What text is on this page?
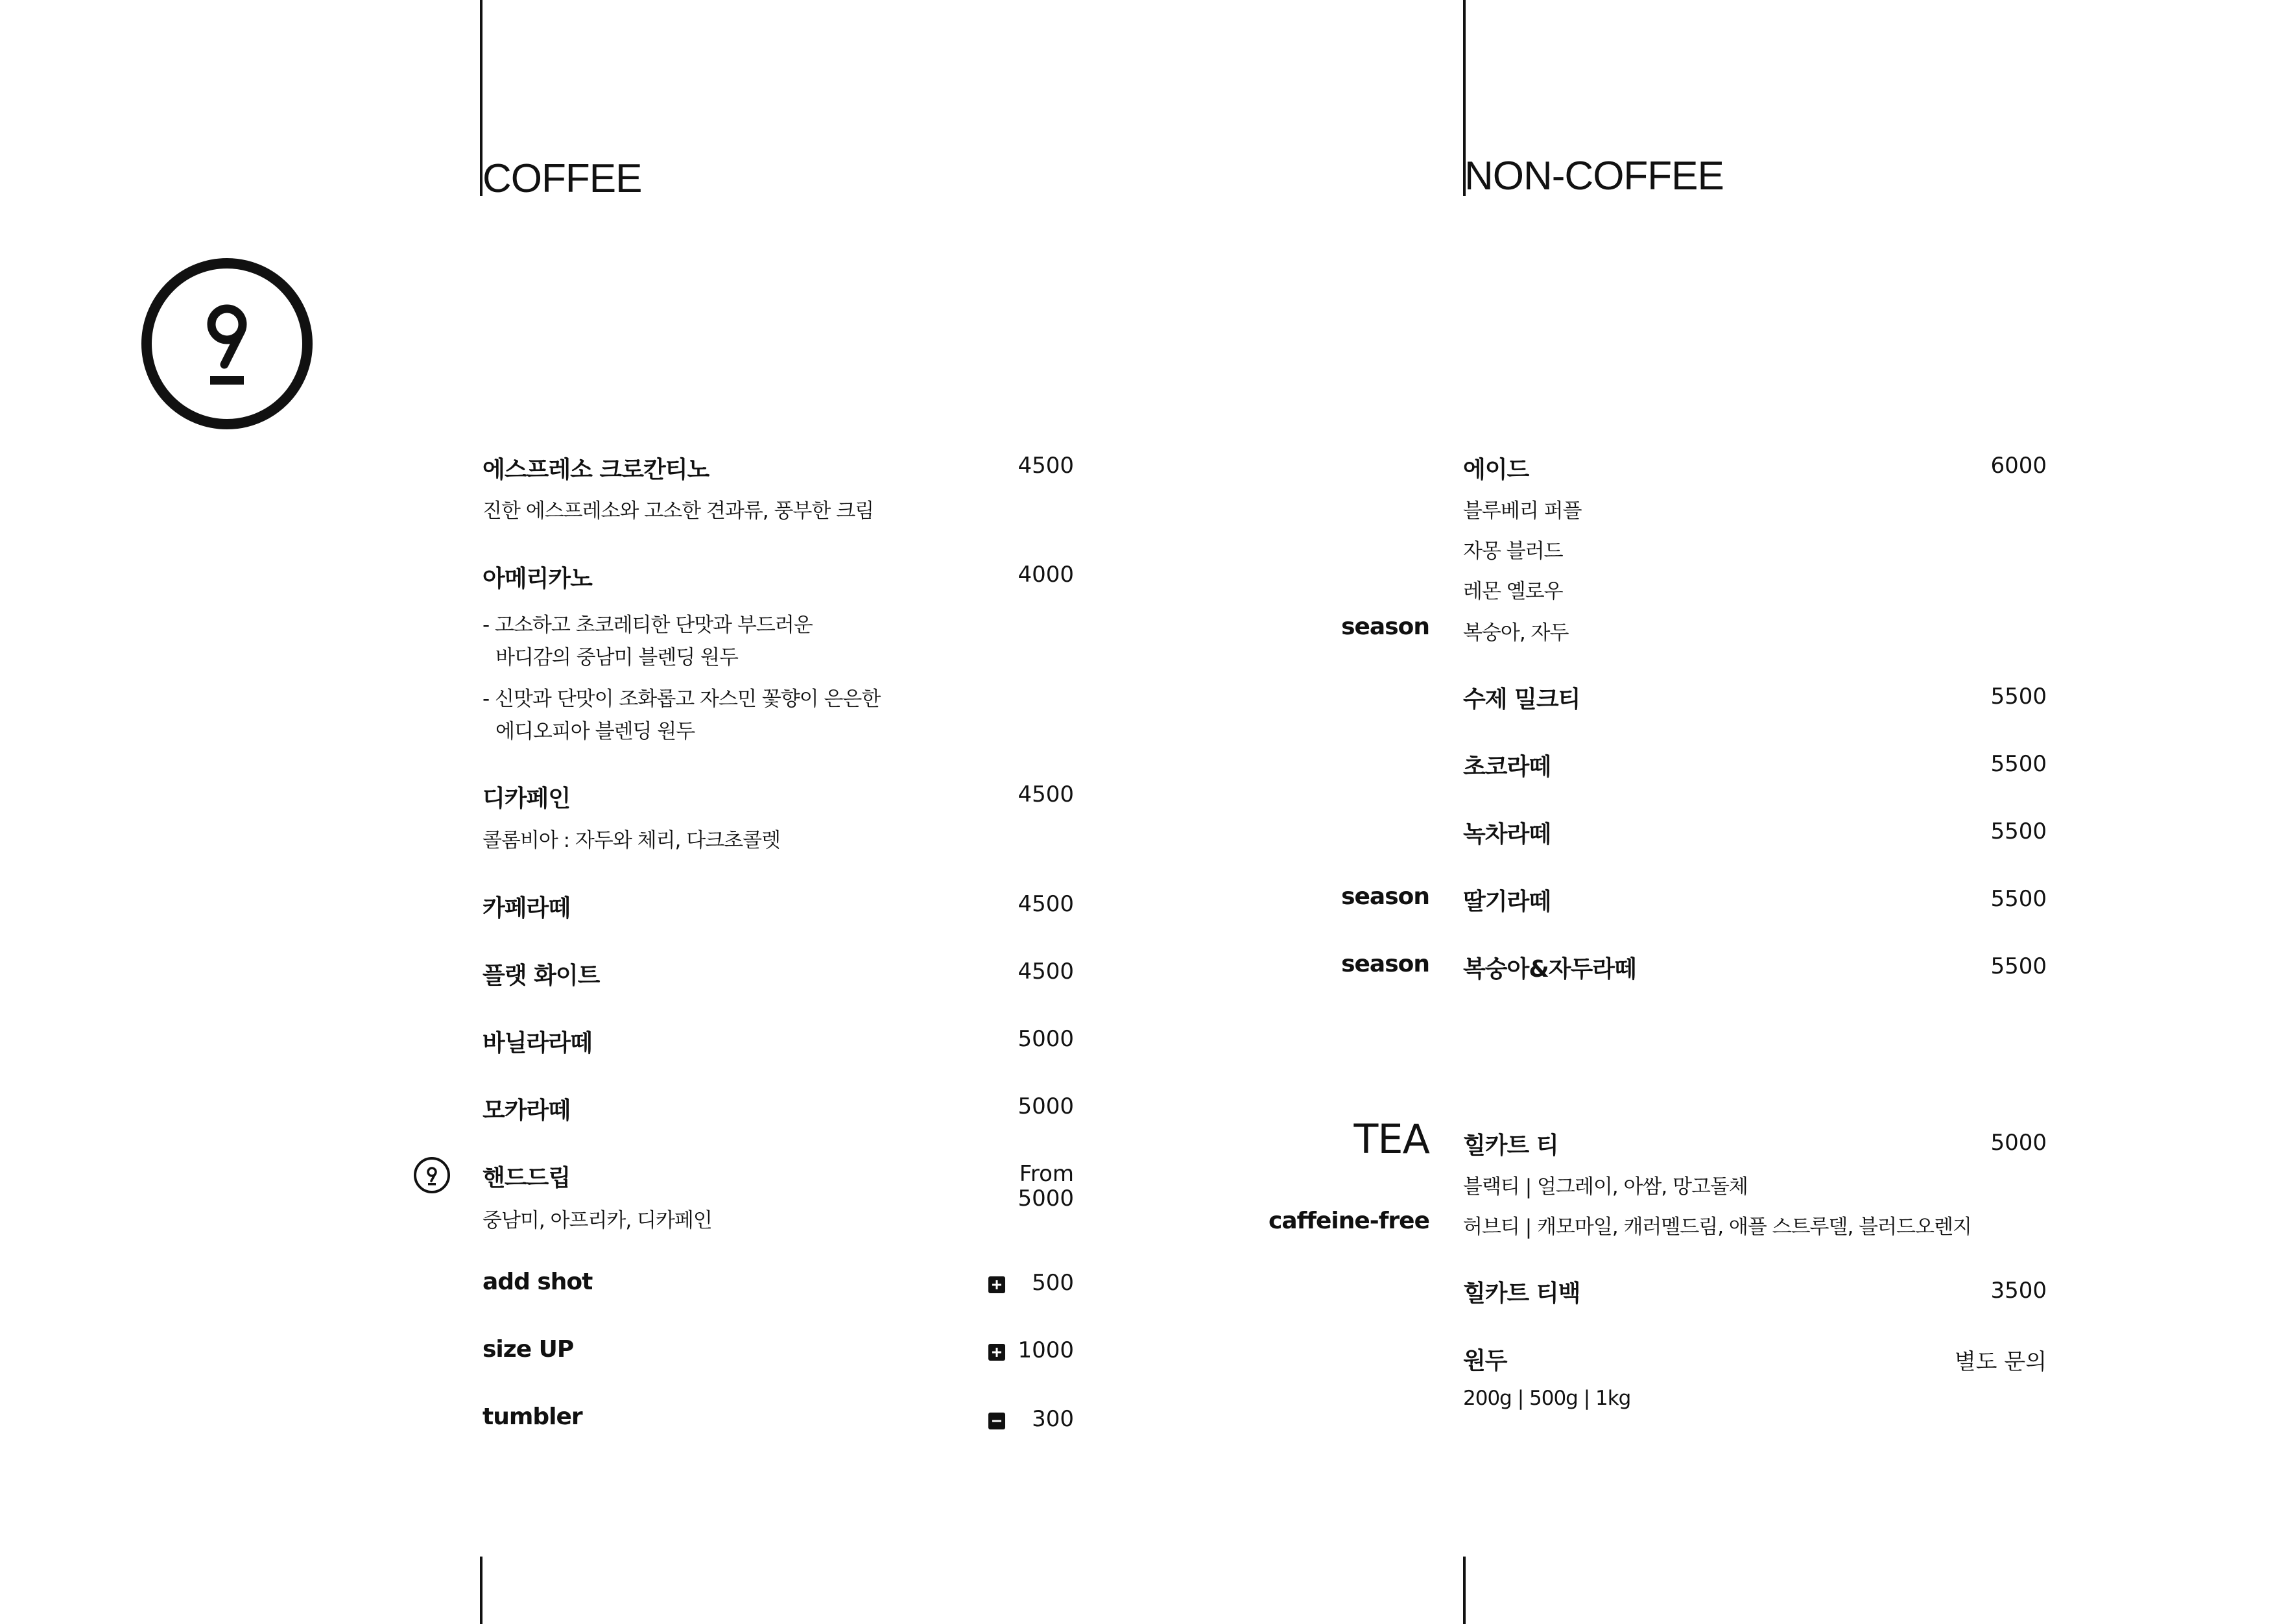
COFFEE	NON-COFFEE
에스프레소 크로칸티노	4500
진한 에스프레소와 고소한 견과류, 풍부한 크림
아메리카노	4000
- 고소하고 초코레티한 단맛과 부드러운
바디감의 중남미 블렌딩 원두
- 신맛과 단맛이 조화롭고 자스민 꽃향이 은은한
에디오피아 블렌딩 원두
디카페인	4500
콜롬비아 : 자두와 체리, 다크초콜렛
카페라떼	4500
플랫 화이트	4500
바닐라라떼	5000
모카라떼	5000
핸드드립	From
5000
중남미, 아프리카, 디카페인
add shot	500
size UP	1000
tumbler	300
에이드	6000
블루베리 퍼플
자몽 블러드
레몬 옐로우
season 복숭아, 자두
수제 밀크티	5500
초코라떼	5500
녹차라떼	5500
season 딸기라떼	5500
season 복숭아&자두라떼	5500
TEA 힐카트 티	5000
블랙티 | 얼그레이, 아쌈, 망고돌체
caffeine-free 허브티 | 캐모마일, 캐러멜드림, 애플 스트루델, 블러드오렌지
힐카트 티백	3500
원두	별도 문의
200g | 500g | 1kg
